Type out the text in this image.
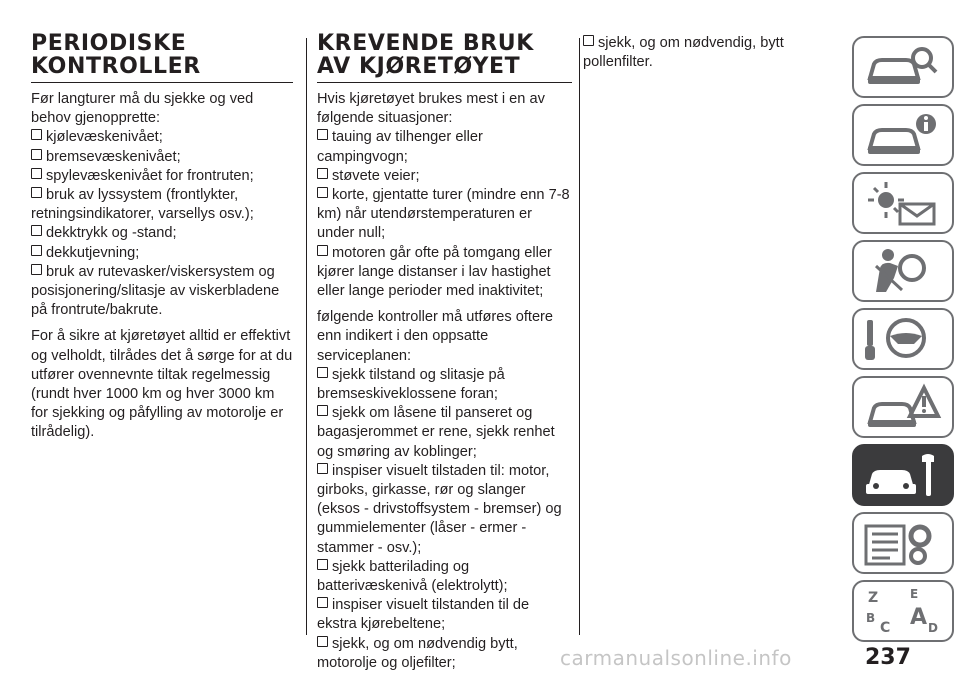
PERIODISKE KONTROLLER

Før langturer må du sjekke og ved behov gjenopprette:

kjølevæskenivået;

bremsevæskenivået;

spylevæskenivået for frontruten;

bruk av lyssystem (frontlykter, retningsindikatorer, varsellys osv.);

dekktrykk og -stand;

dekkutjevning;

bruk av rutevasker/viskersystem og posisjonering/slitasje av viskerbladene på frontrute/bakrute.

For å sikre at kjøretøyet alltid er effektivt og velholdt, tilrådes det å sørge for at du utfører ovennevnte tiltak regelmessig (rundt hver 1000 km og hver 3000 km for sjekking og påfylling av motorolje er tilrådelig).

KREVENDE BRUK AV KJØRETØYET

Hvis kjøretøyet brukes mest i en av følgende situasjoner:

tauing av tilhenger eller campingvogn;

støvete veier;

korte, gjentatte turer (mindre enn 7-8 km) når utendørstemperaturen er under null;

motoren går ofte på tomgang eller kjører lange distanser i lav hastighet eller lange perioder med inaktivitet;

følgende kontroller må utføres oftere enn indikert i den oppsatte serviceplanen:

sjekk tilstand og slitasje på bremseskiveklossene foran;

sjekk om låsene til panseret og bagasjerommet er rene, sjekk renhet og smøring av koblinger;

inspiser visuelt tilstaden til: motor, girboks, girkasse, rør og slanger (eksos - drivstoffsystem - bremser) og gummielementer (låser - ermer - stammer - osv.);

sjekk batterilading og batterivæskenivå (elektrolytt);

inspiser visuelt tilstanden til de ekstra kjørebeltene;

sjekk, og om nødvendig bytt, motorolje og oljefilter;

sjekk, og om nødvendig, bytt pollenfilter.

Z	E
B A
C	D
carmanualsonline.info	237
